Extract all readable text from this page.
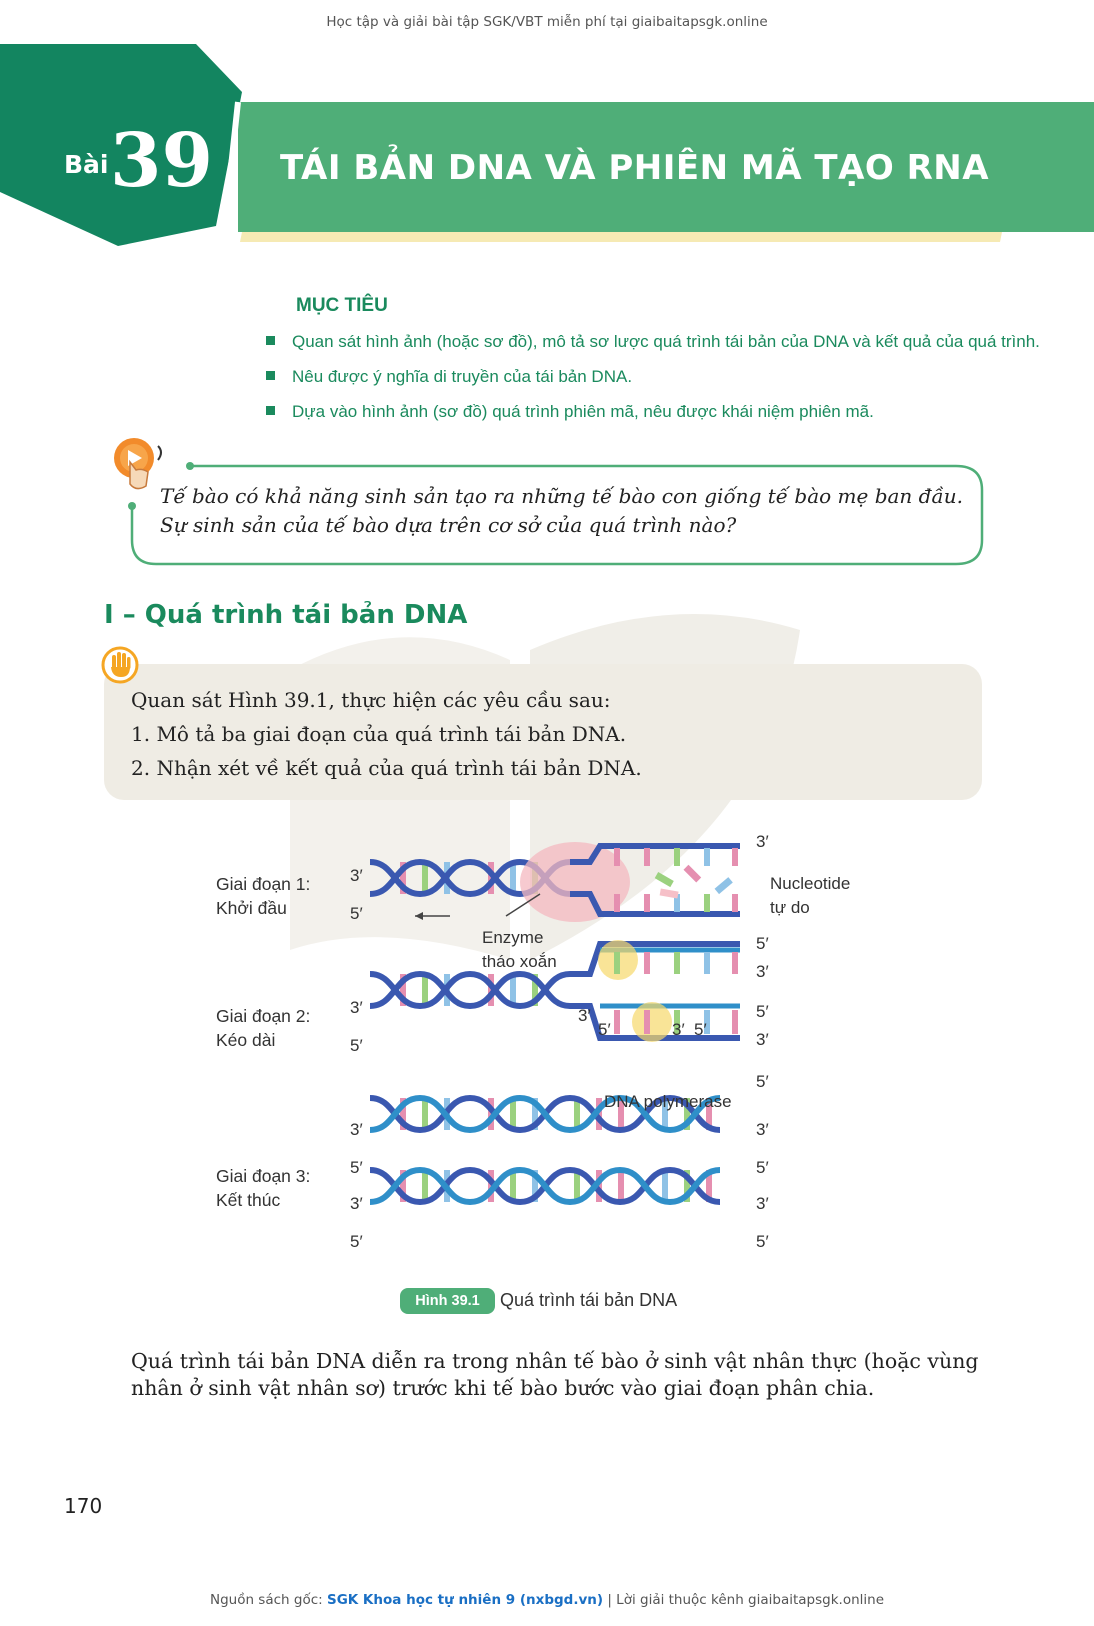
Học tập và giải bài tập SGK/VBT miễn phí tại giaibaitapsgk.online
Bài 39 TÁI BẢN DNA VÀ PHIÊN MÃ TẠO RNA
MỤC TIÊU
Quan sát hình ảnh (hoặc sơ đồ), mô tả sơ lược quá trình tái bản của DNA và kết quả của quá trình.
Nêu được ý nghĩa di truyền của tái bản DNA.
Dựa vào hình ảnh (sơ đồ) quá trình phiên mã, nêu được khái niệm phiên mã.
Tế bào có khả năng sinh sản tạo ra những tế bào con giống tế bào mẹ ban đầu. Sự sinh sản của tế bào dựa trên cơ sở của quá trình nào?
I – Quá trình tái bản DNA
Quan sát Hình 39.1, thực hiện các yêu cầu sau:
1. Mô tả ba giai đoạn của quá trình tái bản DNA.
2. Nhận xét về kết quả của quá trình tái bản DNA.
Giai đoạn 1:
Khởi đầu
Giai đoạn 2:
Kéo dài
Giai đoạn 3:
Kết thúc
Enzyme
tháo xoắn
Nucleotide
tự do
DNA polymerase
3′
5′
3′
5′
3′
5′
3′
5′
3′
5′
3′
5′
3′
5′
3′
5′
3′
5′
3′
5′	3′ 5′
Hình 39.1	Quá trình tái bản DNA
Quá trình tái bản DNA diễn ra trong nhân tế bào ở sinh vật nhân thực (hoặc vùng nhân ở sinh vật nhân sơ) trước khi tế bào bước vào giai đoạn phân chia.
170
Nguồn sách gốc: SGK Khoa học tự nhiên 9 (nxbgd.vn) | Lời giải thuộc kênh giaibaitapsgk.online
